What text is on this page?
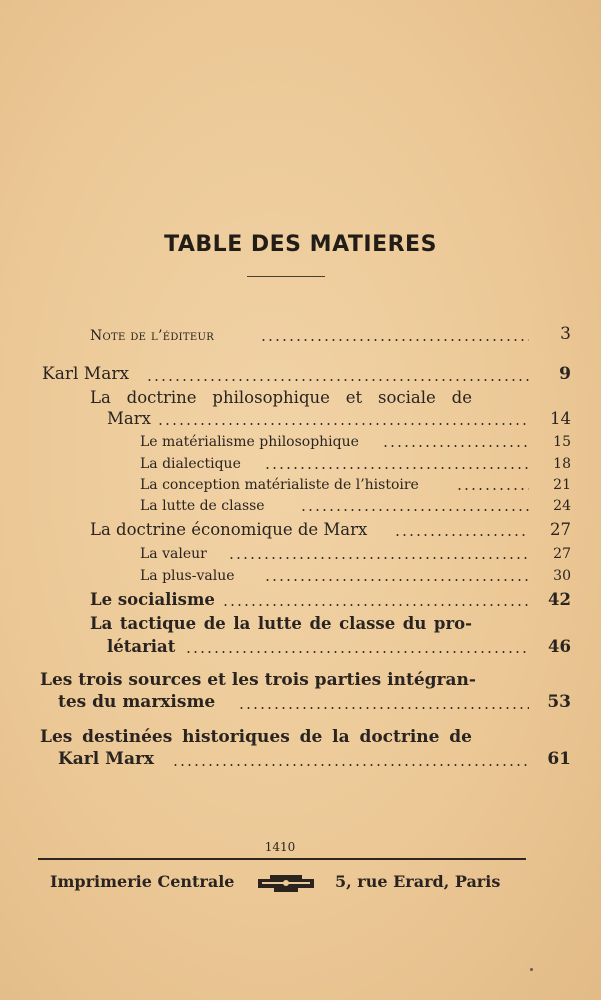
TABLE DES MATIERES
Note de l’éditeur	3
Karl Marx	9
La doctrine philosophique et sociale de
Marx	14
Le matérialisme philosophique	15
La dialectique	18
La conception matérialiste de l’histoire	21
La lutte de classe	24
La doctrine économique de Marx	27
La valeur	27
La plus-value	30
Le socialisme	42
La tactique de la lutte de classe du pro-
létariat	46
Les trois sources et les trois parties intégran-
tes du marxisme	53
Les destinées historiques de la doctrine de
Karl Marx	61
1410
Imprimerie Centrale	5, rue Erard, Paris
